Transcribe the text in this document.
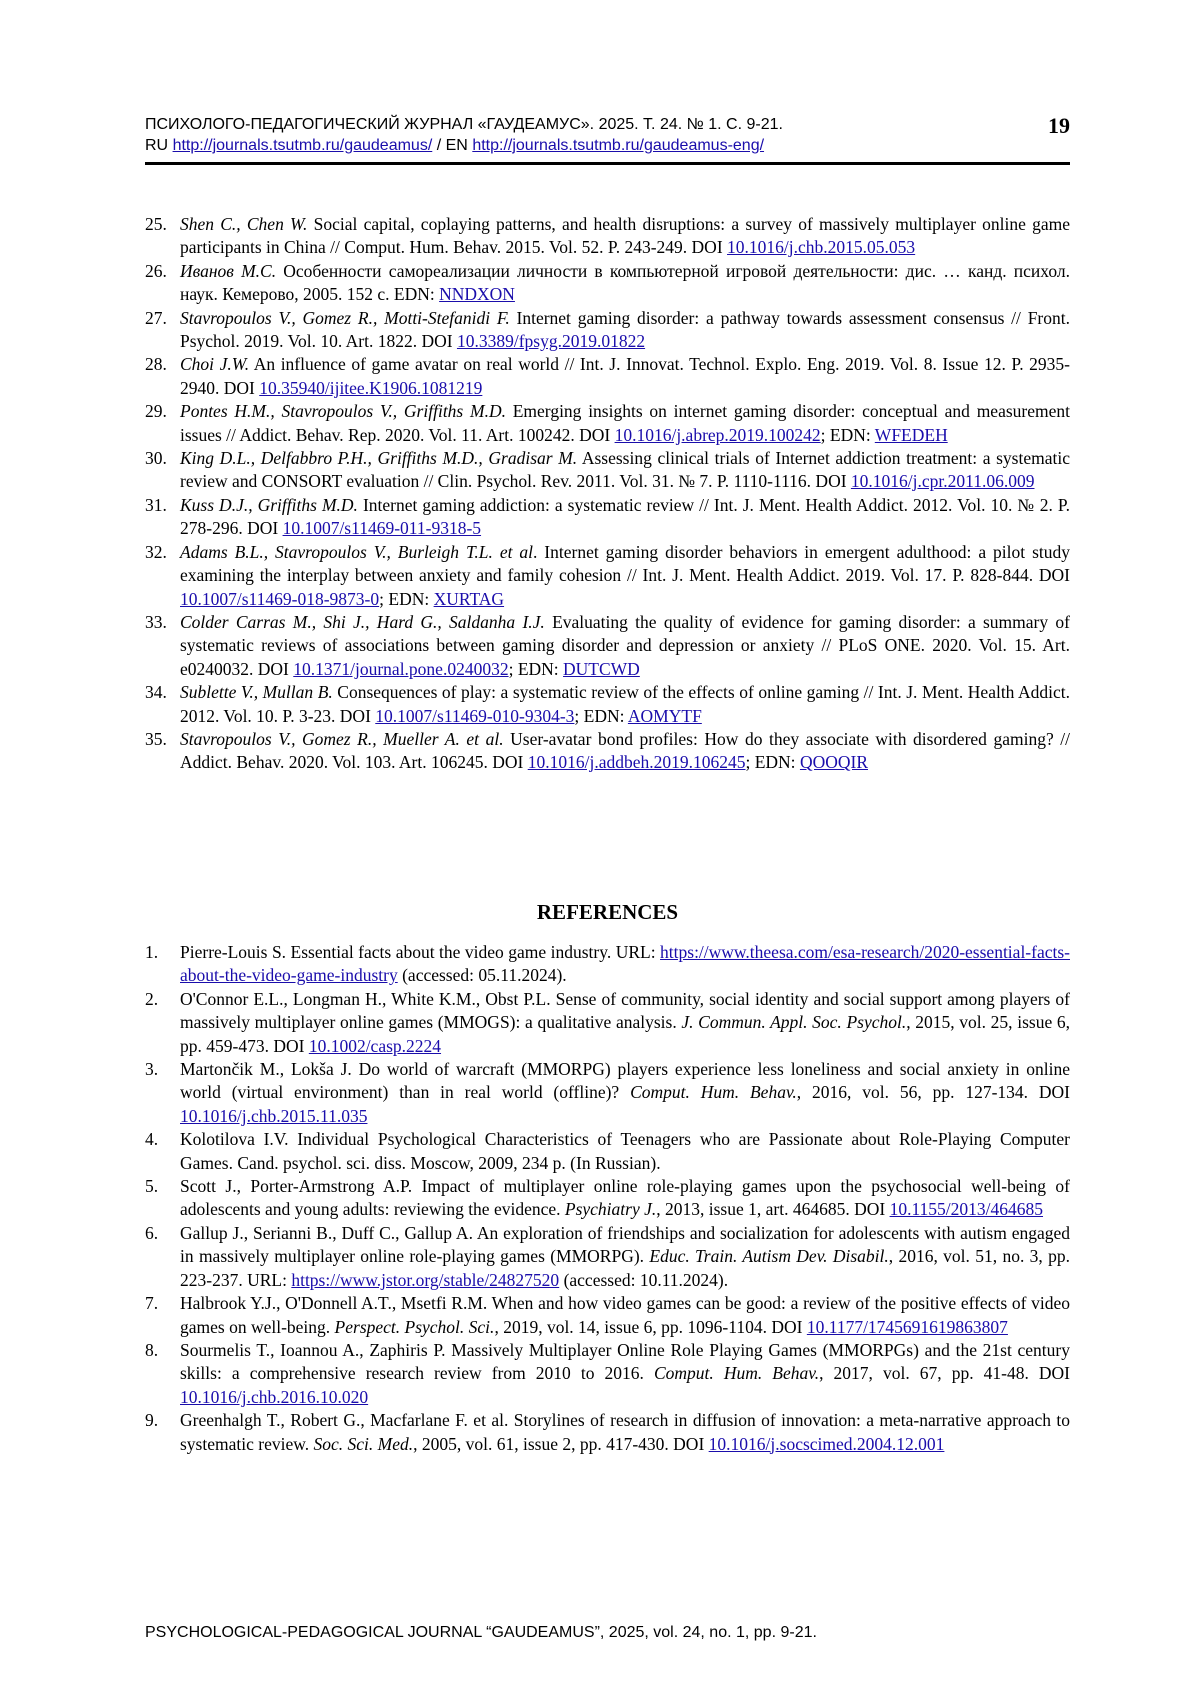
ПСИХОЛОГО-ПЕДАГОГИЧЕСКИЙ ЖУРНАЛ «ГАУДЕАМУС». 2025. Т. 24. № 1. С. 9-21.
RU http://journals.tsutmb.ru/gaudeamus/ / EN http://journals.tsutmb.ru/gaudeamus-eng/
19
25. Shen C., Chen W. Social capital, coplaying patterns, and health disruptions: a survey of massively multiplayer online game participants in China // Comput. Hum. Behav. 2015. Vol. 52. P. 243-249. DOI 10.1016/j.chb.2015.05.053
26. Иванов М.С. Особенности самореализации личности в компьютерной игровой деятельности: дис. … канд. психол. наук. Кемерово, 2005. 152 с. EDN: NNDXON
27. Stavropoulos V., Gomez R., Motti-Stefanidi F. Internet gaming disorder: a pathway towards assessment consensus // Front. Psychol. 2019. Vol. 10. Art. 1822. DOI 10.3389/fpsyg.2019.01822
28. Choi J.W. An influence of game avatar on real world // Int. J. Innovat. Technol. Explo. Eng. 2019. Vol. 8. Issue 12. P. 2935-2940. DOI 10.35940/ijitee.K1906.1081219
29. Pontes H.M., Stavropoulos V., Griffiths M.D. Emerging insights on internet gaming disorder: conceptual and measurement issues // Addict. Behav. Rep. 2020. Vol. 11. Art. 100242. DOI 10.1016/j.abrep.2019.100242; EDN: WFEDEH
30. King D.L., Delfabbro P.H., Griffiths M.D., Gradisar M. Assessing clinical trials of Internet addiction treatment: a systematic review and CONSORT evaluation // Clin. Psychol. Rev. 2011. Vol. 31. № 7. P. 1110-1116. DOI 10.1016/j.cpr.2011.06.009
31. Kuss D.J., Griffiths M.D. Internet gaming addiction: a systematic review // Int. J. Ment. Health Addict. 2012. Vol. 10. № 2. P. 278-296. DOI 10.1007/s11469-011-9318-5
32. Adams B.L., Stavropoulos V., Burleigh T.L. et al. Internet gaming disorder behaviors in emergent adulthood: a pilot study examining the interplay between anxiety and family cohesion // Int. J. Ment. Health Addict. 2019. Vol. 17. P. 828-844. DOI 10.1007/s11469-018-9873-0; EDN: XURTAG
33. Colder Carras M., Shi J., Hard G., Saldanha I.J. Evaluating the quality of evidence for gaming disorder: a summary of systematic reviews of associations between gaming disorder and depression or anxiety // PLoS ONE. 2020. Vol. 15. Art. e0240032. DOI 10.1371/journal.pone.0240032; EDN: DUTCWD
34. Sublette V., Mullan B. Consequences of play: a systematic review of the effects of online gaming // Int. J. Ment. Health Addict. 2012. Vol. 10. P. 3-23. DOI 10.1007/s11469-010-9304-3; EDN: AOMYTF
35. Stavropoulos V., Gomez R., Mueller A. et al. User-avatar bond profiles: How do they associate with disordered gaming? // Addict. Behav. 2020. Vol. 103. Art. 106245. DOI 10.1016/j.addbeh.2019.106245; EDN: QOOQIR
REFERENCES
1. Pierre-Louis S. Essential facts about the video game industry. URL: https://www.theesa.com/esa-research/2020-essential-facts-about-the-video-game-industry (accessed: 05.11.2024).
2. O'Connor E.L., Longman H., White K.M., Obst P.L. Sense of community, social identity and social support among players of massively multiplayer online games (MMOGS): a qualitative analysis. J. Commun. Appl. Soc. Psychol., 2015, vol. 25, issue 6, pp. 459-473. DOI 10.1002/casp.2224
3. Martončik M., Lokša J. Do world of warcraft (MMORPG) players experience less loneliness and social anxiety in online world (virtual environment) than in real world (offline)? Comput. Hum. Behav., 2016, vol. 56, pp. 127-134. DOI 10.1016/j.chb.2015.11.035
4. Kolotilova I.V. Individual Psychological Characteristics of Teenagers who are Passionate about Role-Playing Computer Games. Cand. psychol. sci. diss. Moscow, 2009, 234 p. (In Russian).
5. Scott J., Porter-Armstrong A.P. Impact of multiplayer online role-playing games upon the psychosocial well-being of adolescents and young adults: reviewing the evidence. Psychiatry J., 2013, issue 1, art. 464685. DOI 10.1155/2013/464685
6. Gallup J., Serianni B., Duff C., Gallup A. An exploration of friendships and socialization for adolescents with autism engaged in massively multiplayer online role-playing games (MMORPG). Educ. Train. Autism Dev. Disabil., 2016, vol. 51, no. 3, pp. 223-237. URL: https://www.jstor.org/stable/24827520 (accessed: 10.11.2024).
7. Halbrook Y.J., O'Donnell A.T., Msetfi R.M. When and how video games can be good: a review of the positive effects of video games on well-being. Perspect. Psychol. Sci., 2019, vol. 14, issue 6, pp. 1096-1104. DOI 10.1177/1745691619863807
8. Sourmelis T., Ioannou A., Zaphiris P. Massively Multiplayer Online Role Playing Games (MMORPGs) and the 21st century skills: a comprehensive research review from 2010 to 2016. Comput. Hum. Behav., 2017, vol. 67, pp. 41-48. DOI 10.1016/j.chb.2016.10.020
9. Greenhalgh T., Robert G., Macfarlane F. et al. Storylines of research in diffusion of innovation: a meta-narrative approach to systematic review. Soc. Sci. Med., 2005, vol. 61, issue 2, pp. 417-430. DOI 10.1016/j.socscimed.2004.12.001
PSYCHOLOGICAL-PEDAGOGICAL JOURNAL “GAUDEAMUS”, 2025, vol. 24, no. 1, pp. 9-21.
